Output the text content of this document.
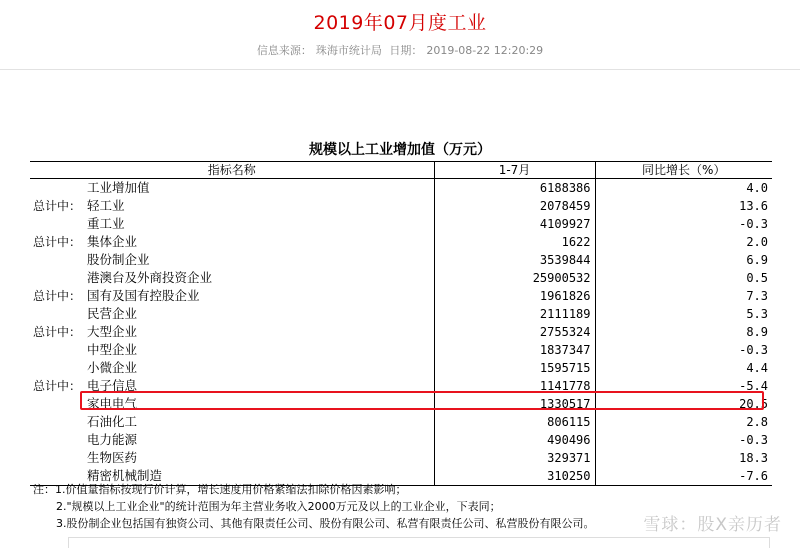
2019年07月度工业
信息来源： 珠海市统计局 日期： 2019-08-22 12:20:29
规模以上工业增加值（万元）
指标名称	1-7月	同比增长（%）
工业增加值	6188386	4.0
总计中： 轻工业	2078459	13.6
重工业	4109927	-0.3
总计中： 集体企业	1622	2.0
股份制企业	3539844	6.9
港澳台及外商投资企业	25900532	0.5
总计中： 国有及国有控股企业	1961826	7.3
民营企业	2111189	5.3
总计中： 大型企业	2755324	8.9
中型企业	1837347	-0.3
小微企业	1595715	4.4
总计中： 电子信息	1141778	-5.4
家电电气	1330517	20.5
石油化工	806115	2.8
电力能源	490496	-0.3
生物医药	329371	18.3
精密机械制造	310250	-7.6
注：1.价值量指标按现行价计算，增长速度用价格紧缩法扣除价格因素影响；
2."规模以上工业企业"的统计范围为年主营业务收入2000万元及以上的工业企业，下表同；
3.股份制企业包括国有独资公司、其他有限责任公司、股份有限公司、私营有限责任公司、私营股份有限公司。	雪球：股X亲历者
